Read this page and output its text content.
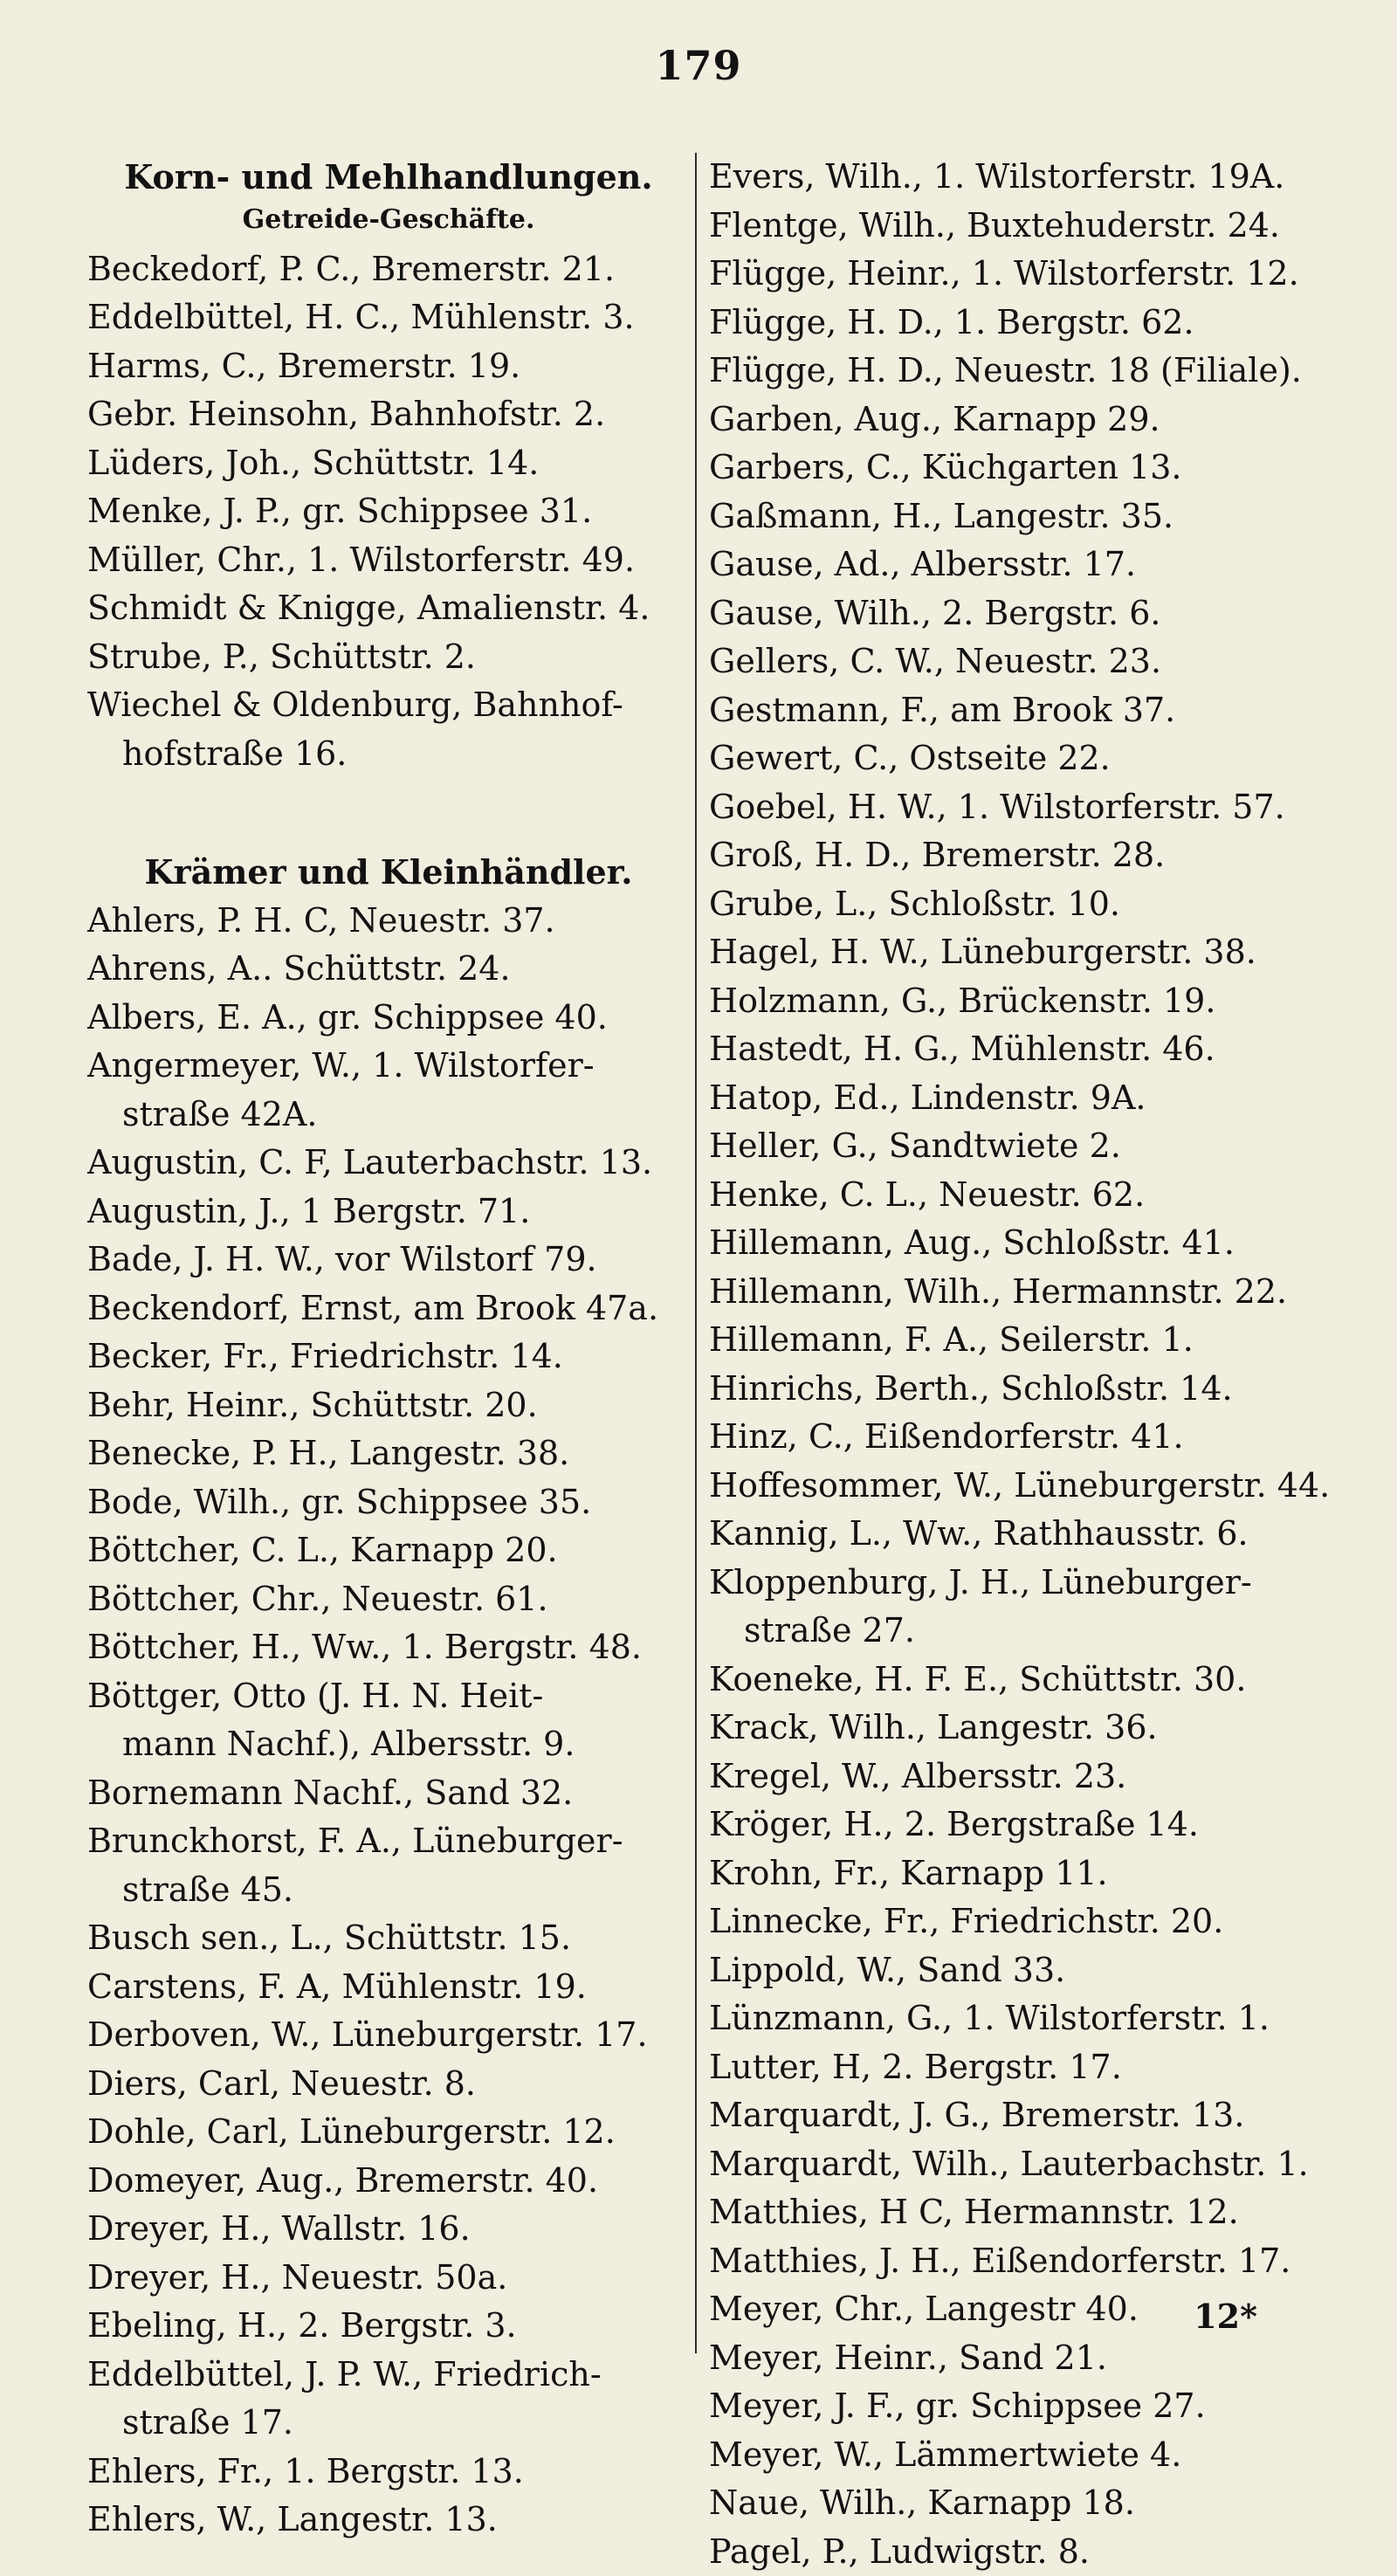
179
Korn- und Mehlhandlungen.
Getreide-Geschäfte.
Beckedorf, P. C., Bremerstr. 21.
Eddelbüttel, H. C., Mühlenstr. 3.
Harms, C., Bremerstr. 19.
Gebr. Heinsohn, Bahnhofstr. 2.
Lüders, Joh., Schüttstr. 14.
Menke, J. P., gr. Schippsee 31.
Müller, Chr., 1. Wilstorferstr. 49.
Schmidt & Knigge, Amalienstr. 4.
Strube, P., Schüttstr. 2.
Wiechel & Oldenburg, Bahnhof-
hofstraße 16.
Krämer und Kleinhändler.
Ahlers, P. H. C, Neuestr. 37.
Ahrens, A.. Schüttstr. 24.
Albers, E. A., gr. Schippsee 40.
Angermeyer, W., 1. Wilstorfer-
straße 42A.
Augustin, C. F, Lauterbachstr. 13.
Augustin, J., 1 Bergstr. 71.
Bade, J. H. W., vor Wilstorf 79.
Beckendorf, Ernst, am Brook 47a.
Becker, Fr., Friedrichstr. 14.
Behr, Heinr., Schüttstr. 20.
Benecke, P. H., Langestr. 38.
Bode, Wilh., gr. Schippsee 35.
Böttcher, C. L., Karnapp 20.
Böttcher, Chr., Neuestr. 61.
Böttcher, H., Ww., 1. Bergstr. 48.
Böttger, Otto (J. H. N. Heit-
mann Nachf.), Albersstr. 9.
Bornemann Nachf., Sand 32.
Brunckhorst, F. A., Lüneburger-
straße 45.
Busch sen., L., Schüttstr. 15.
Carstens, F. A, Mühlenstr. 19.
Derboven, W., Lüneburgerstr. 17.
Diers, Carl, Neuestr. 8.
Dohle, Carl, Lüneburgerstr. 12.
Domeyer, Aug., Bremerstr. 40.
Dreyer, H., Wallstr. 16.
Dreyer, H., Neuestr. 50a.
Ebeling, H., 2. Bergstr. 3.
Eddelbüttel, J. P. W., Friedrich-
straße 17.
Ehlers, Fr., 1. Bergstr. 13.
Ehlers, W., Langestr. 13.
Evers, Wilh., 1. Wilstorferstr. 19A.
Flentge, Wilh., Buxtehuderstr. 24.
Flügge, Heinr., 1. Wilstorferstr. 12.
Flügge, H. D., 1. Bergstr. 62.
Flügge, H. D., Neuestr. 18 (Filiale).
Garben, Aug., Karnapp 29.
Garbers, C., Küchgarten 13.
Gaßmann, H., Langestr. 35.
Gause, Ad., Albersstr. 17.
Gause, Wilh., 2. Bergstr. 6.
Gellers, C. W., Neuestr. 23.
Gestmann, F., am Brook 37.
Gewert, C., Ostseite 22.
Goebel, H. W., 1. Wilstorferstr. 57.
Groß, H. D., Bremerstr. 28.
Grube, L., Schloßstr. 10.
Hagel, H. W., Lüneburgerstr. 38.
Holzmann, G., Brückenstr. 19.
Hastedt, H. G., Mühlenstr. 46.
Hatop, Ed., Lindenstr. 9A.
Heller, G., Sandtwiete 2.
Henke, C. L., Neuestr. 62.
Hillemann, Aug., Schloßstr. 41.
Hillemann, Wilh., Hermannstr. 22.
Hillemann, F. A., Seilerstr. 1.
Hinrichs, Berth., Schloßstr. 14.
Hinz, C., Eißendorferstr. 41.
Hoffesommer, W., Lüneburgerstr. 44.
Kannig, L., Ww., Rathhausstr. 6.
Kloppenburg, J. H., Lüneburger-
straße 27.
Koeneke, H. F. E., Schüttstr. 30.
Krack, Wilh., Langestr. 36.
Kregel, W., Albersstr. 23.
Kröger, H., 2. Bergstraße 14.
Krohn, Fr., Karnapp 11.
Linnecke, Fr., Friedrichstr. 20.
Lippold, W., Sand 33.
Lünzmann, G., 1. Wilstorferstr. 1.
Lutter, H, 2. Bergstr. 17.
Marquardt, J. G., Bremerstr. 13.
Marquardt, Wilh., Lauterbachstr. 1.
Matthies, H C, Hermannstr. 12.
Matthies, J. H., Eißendorferstr. 17.
Meyer, Chr., Langestr 40.
Meyer, Heinr., Sand 21.
Meyer, J. F., gr. Schippsee 27.
Meyer, W., Lämmertwiete 4.
Naue, Wilh., Karnapp 18.
Pagel, P., Ludwigstr. 8.
12*
